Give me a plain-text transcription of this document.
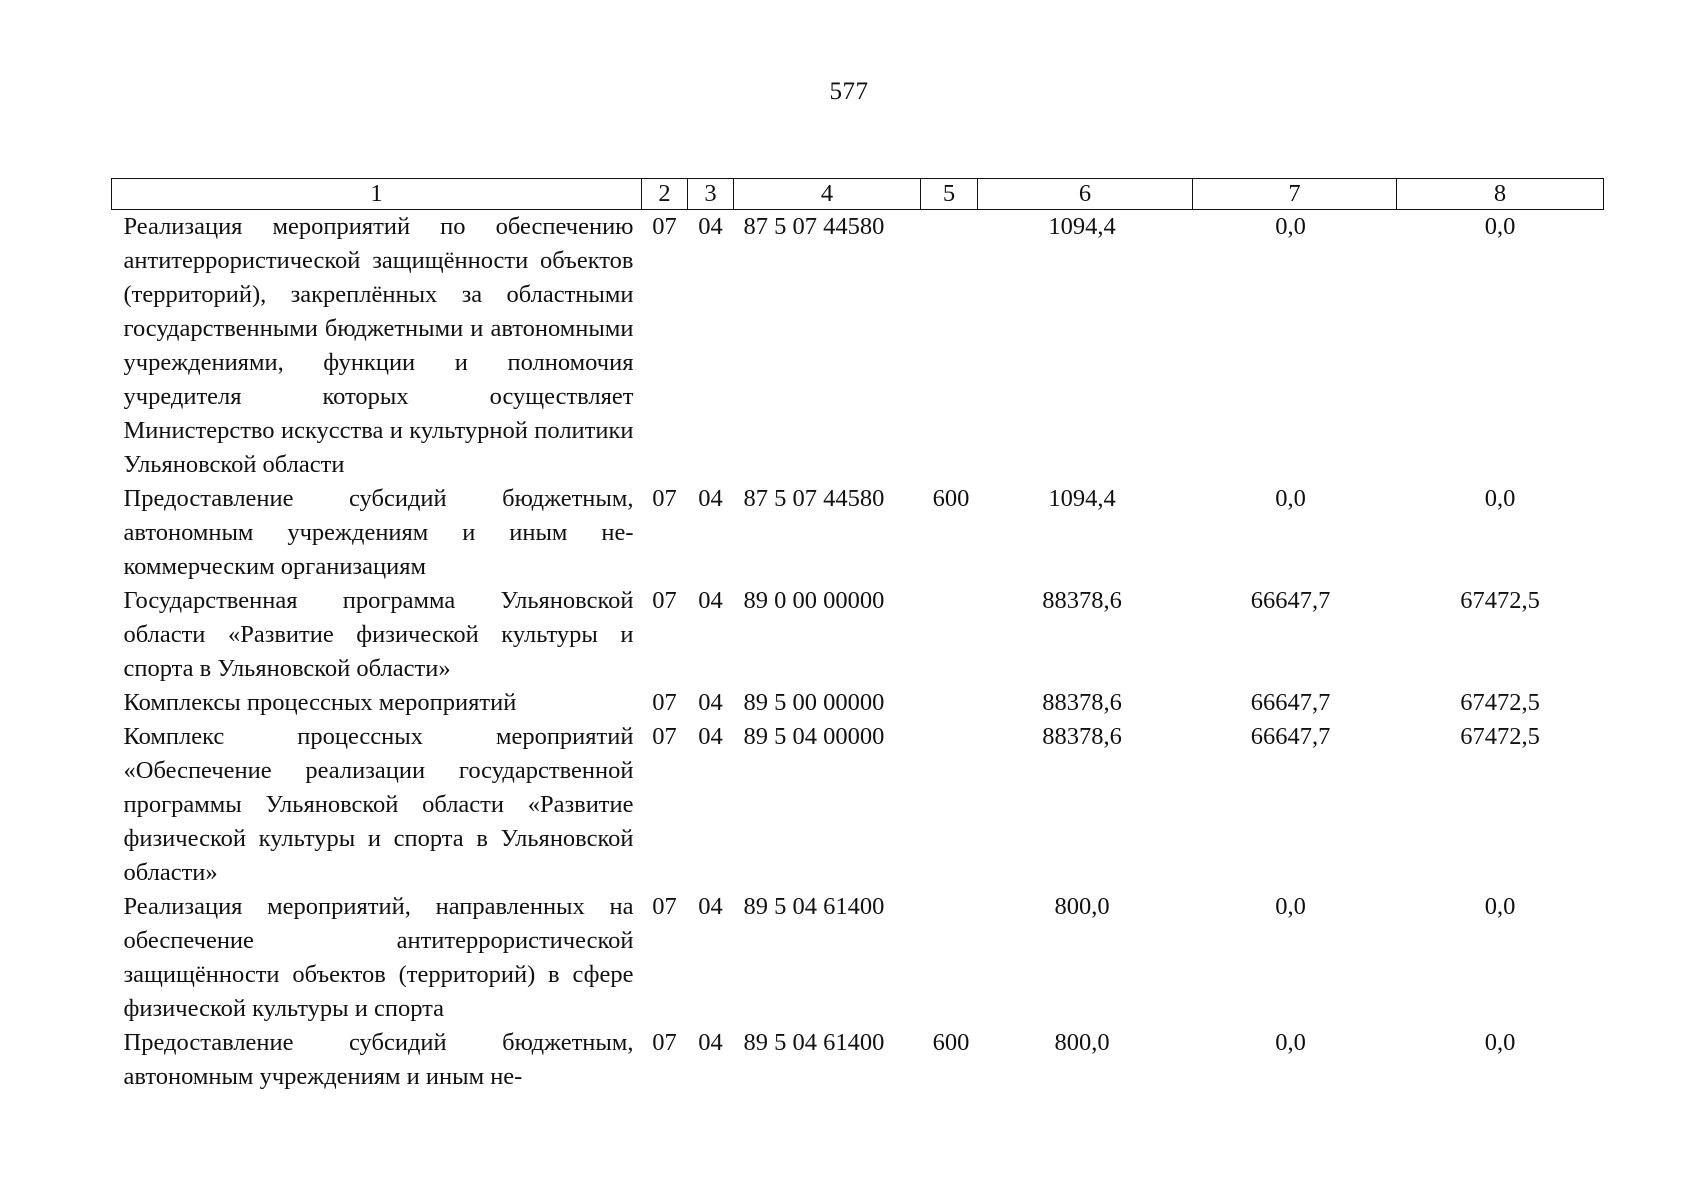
577
1	2	3	4	5	6	7	8
Реализация мероприятий по обеспечению антитеррористической защищённости объектов (территорий), закреплённых за областными государственными бюджетными и автономными учреждениями, функции и полномочия учредителя которых осуществляет Министерство искусства и культурной политики Ульяновской области	07	04	87 5 07 44580		1094,4	0,0	0,0
Предоставление субсидий бюджетным, автономным учреждениям и иным некоммерческим организациям	07	04	87 5 07 44580	600	1094,4	0,0	0,0
Государственная программа Ульяновской области «Развитие физической культуры и спорта в Ульяновской области»	07	04	89 0 00 00000		88378,6	66647,7	67472,5
Комплексы процессных мероприятий	07	04	89 5 00 00000		88378,6	66647,7	67472,5
Комплекс процессных мероприятий «Обеспечение реализации государственной программы Ульяновской области «Развитие физической культуры и спорта в Ульяновской области»	07	04	89 5 04 00000		88378,6	66647,7	67472,5
Реализация мероприятий, направленных на обеспечение антитеррористической защищённости объектов (территорий) в сфере физической культуры и спорта	07	04	89 5 04 61400		800,0	0,0	0,0
Предоставление субсидий бюджетным, автономным учреждениям и иным не-	07	04	89 5 04 61400	600	800,0	0,0	0,0
